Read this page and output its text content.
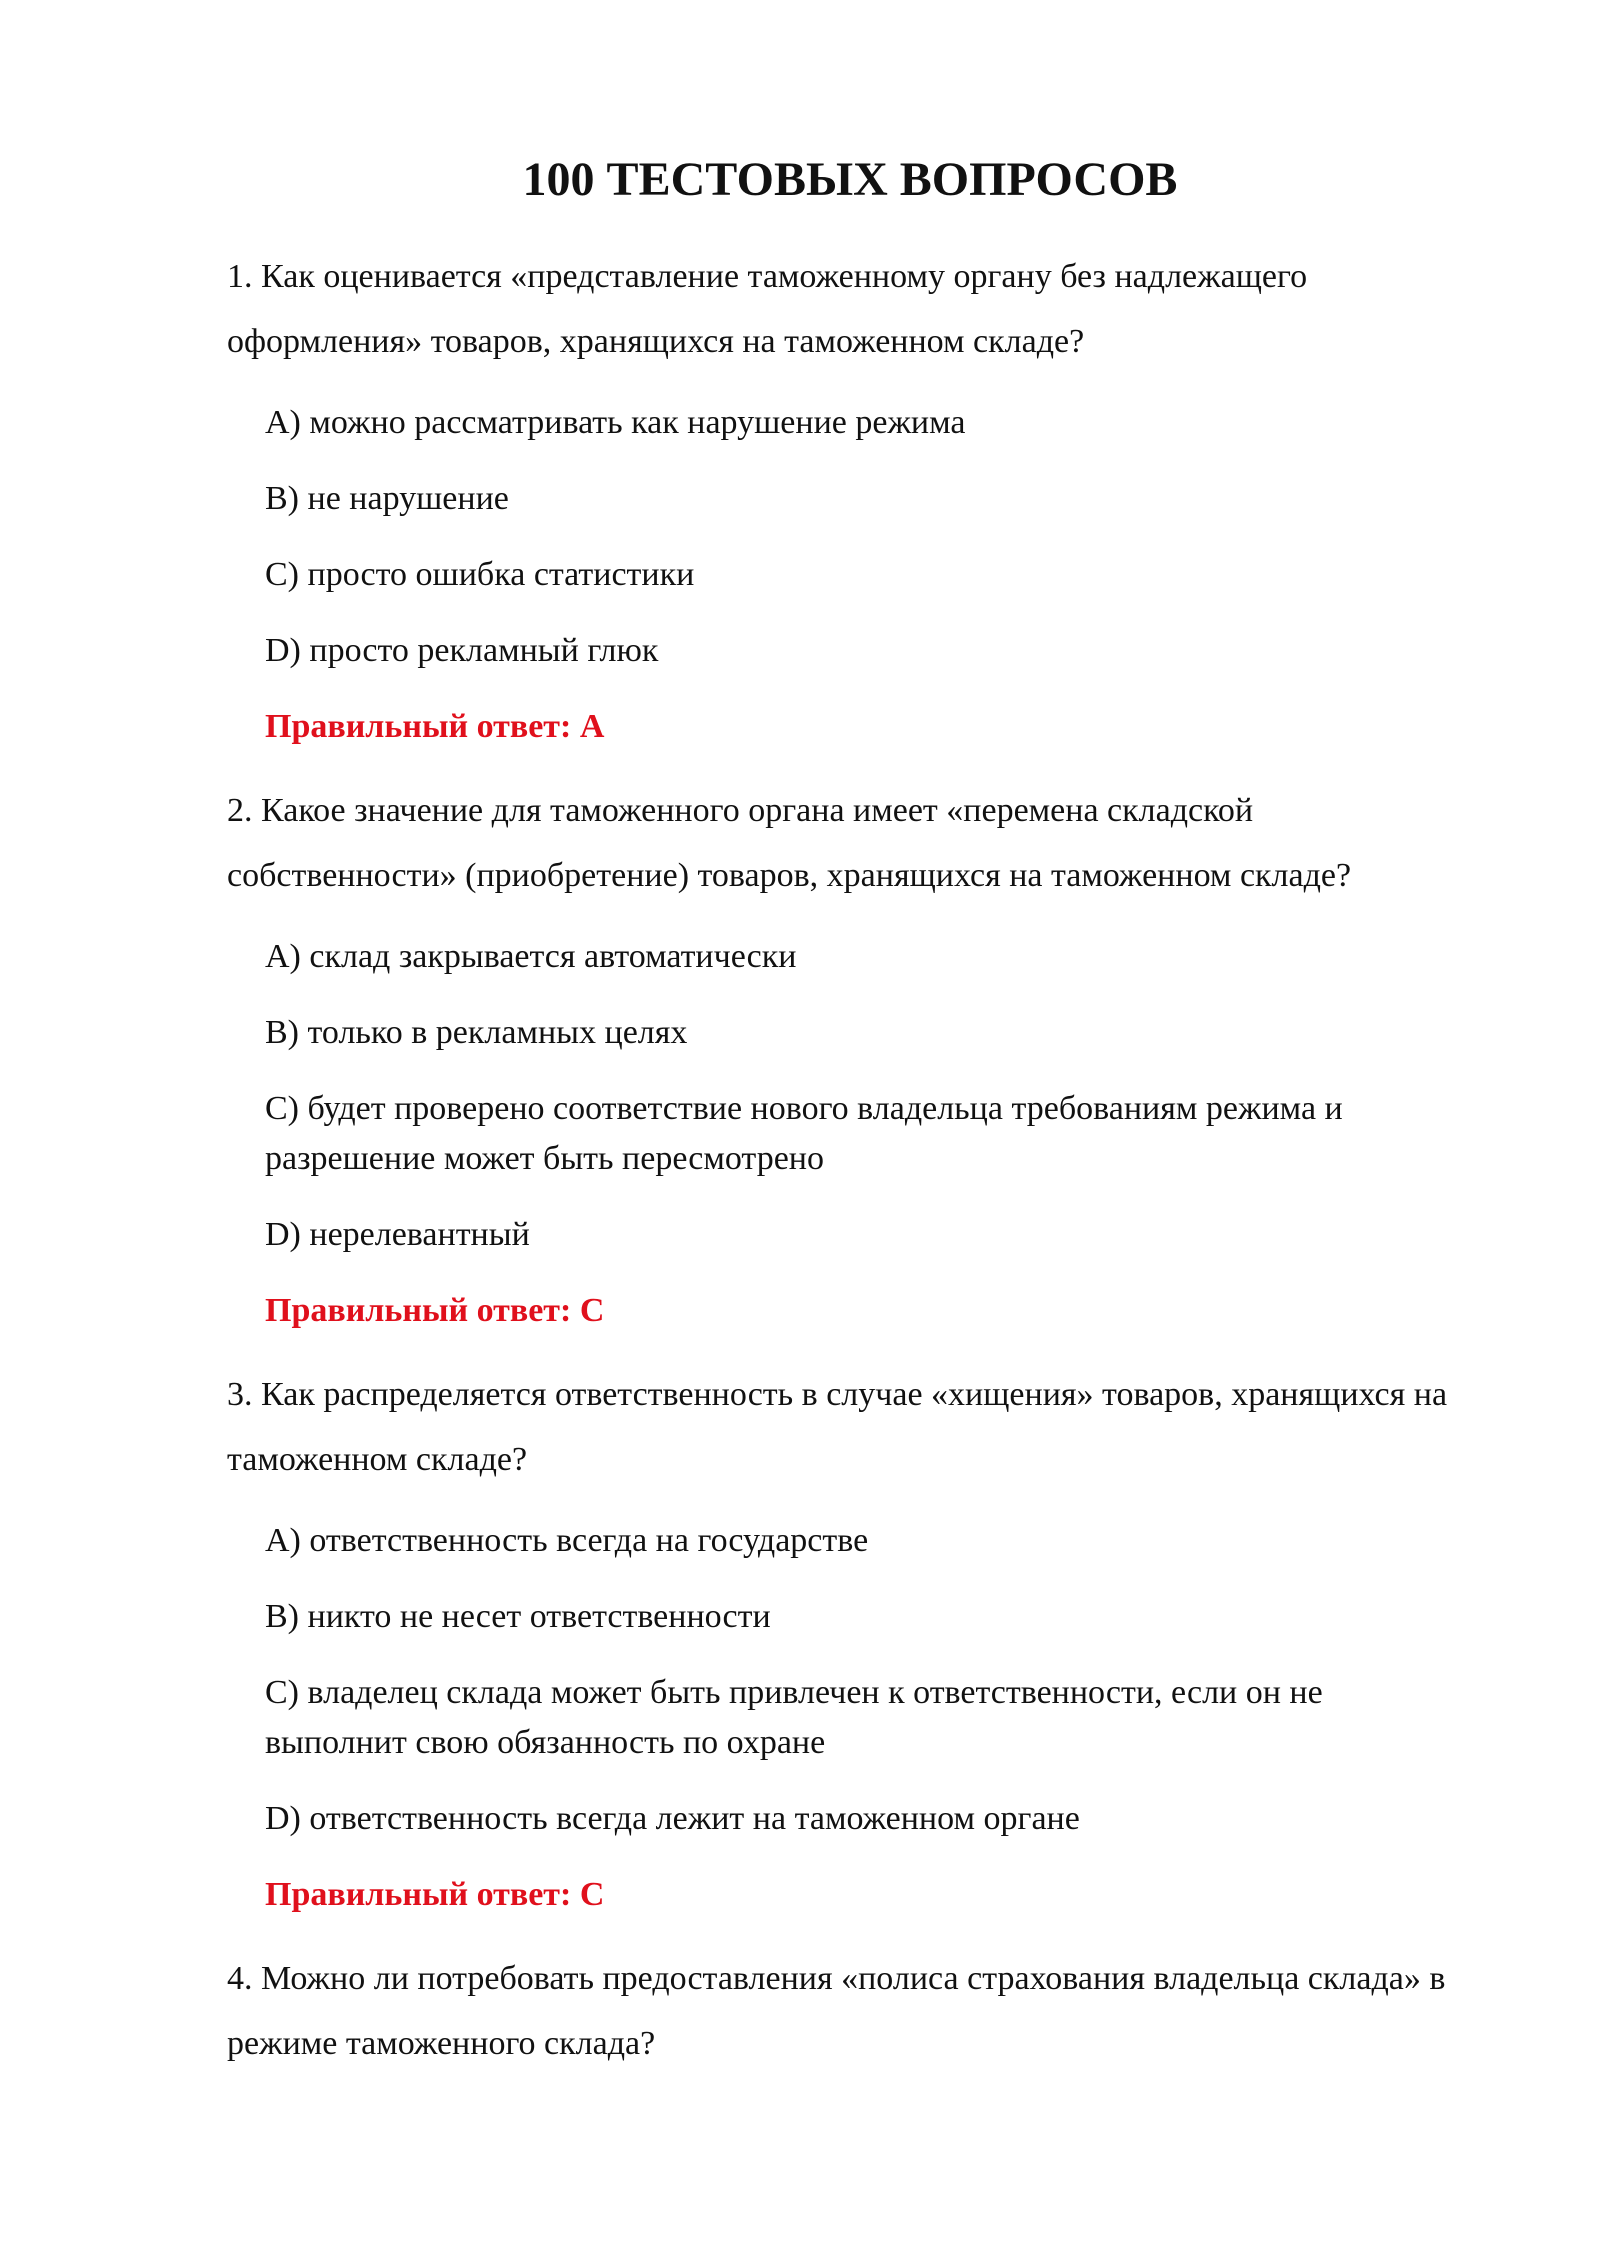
100 ТЕСТОВЫХ ВОПРОСОВ
1. Как оценивается «представление таможенному органу без надлежащего оформления» товаров, хранящихся на таможенном складе?
A) можно рассматривать как нарушение режима
B) не нарушение
C) просто ошибка статистики
D) просто рекламный глюк
Правильный ответ: A
2. Какое значение для таможенного органа имеет «перемена складской собственности» (приобретение) товаров, хранящихся на таможенном складе?
A) склад закрывается автоматически
B) только в рекламных целях
C) будет проверено соответствие нового владельца требованиям режима и разрешение может быть пересмотрено
D) нерелевантный
Правильный ответ: C
3. Как распределяется ответственность в случае «хищения» товаров, хранящихся на таможенном складе?
A) ответственность всегда на государстве
B) никто не несет ответственности
C) владелец склада может быть привлечен к ответственности, если он не выполнит свою обязанность по охране
D) ответственность всегда лежит на таможенном органе
Правильный ответ: C
4. Можно ли потребовать предоставления «полиса страхования владельца склада» в режиме таможенного склада?
